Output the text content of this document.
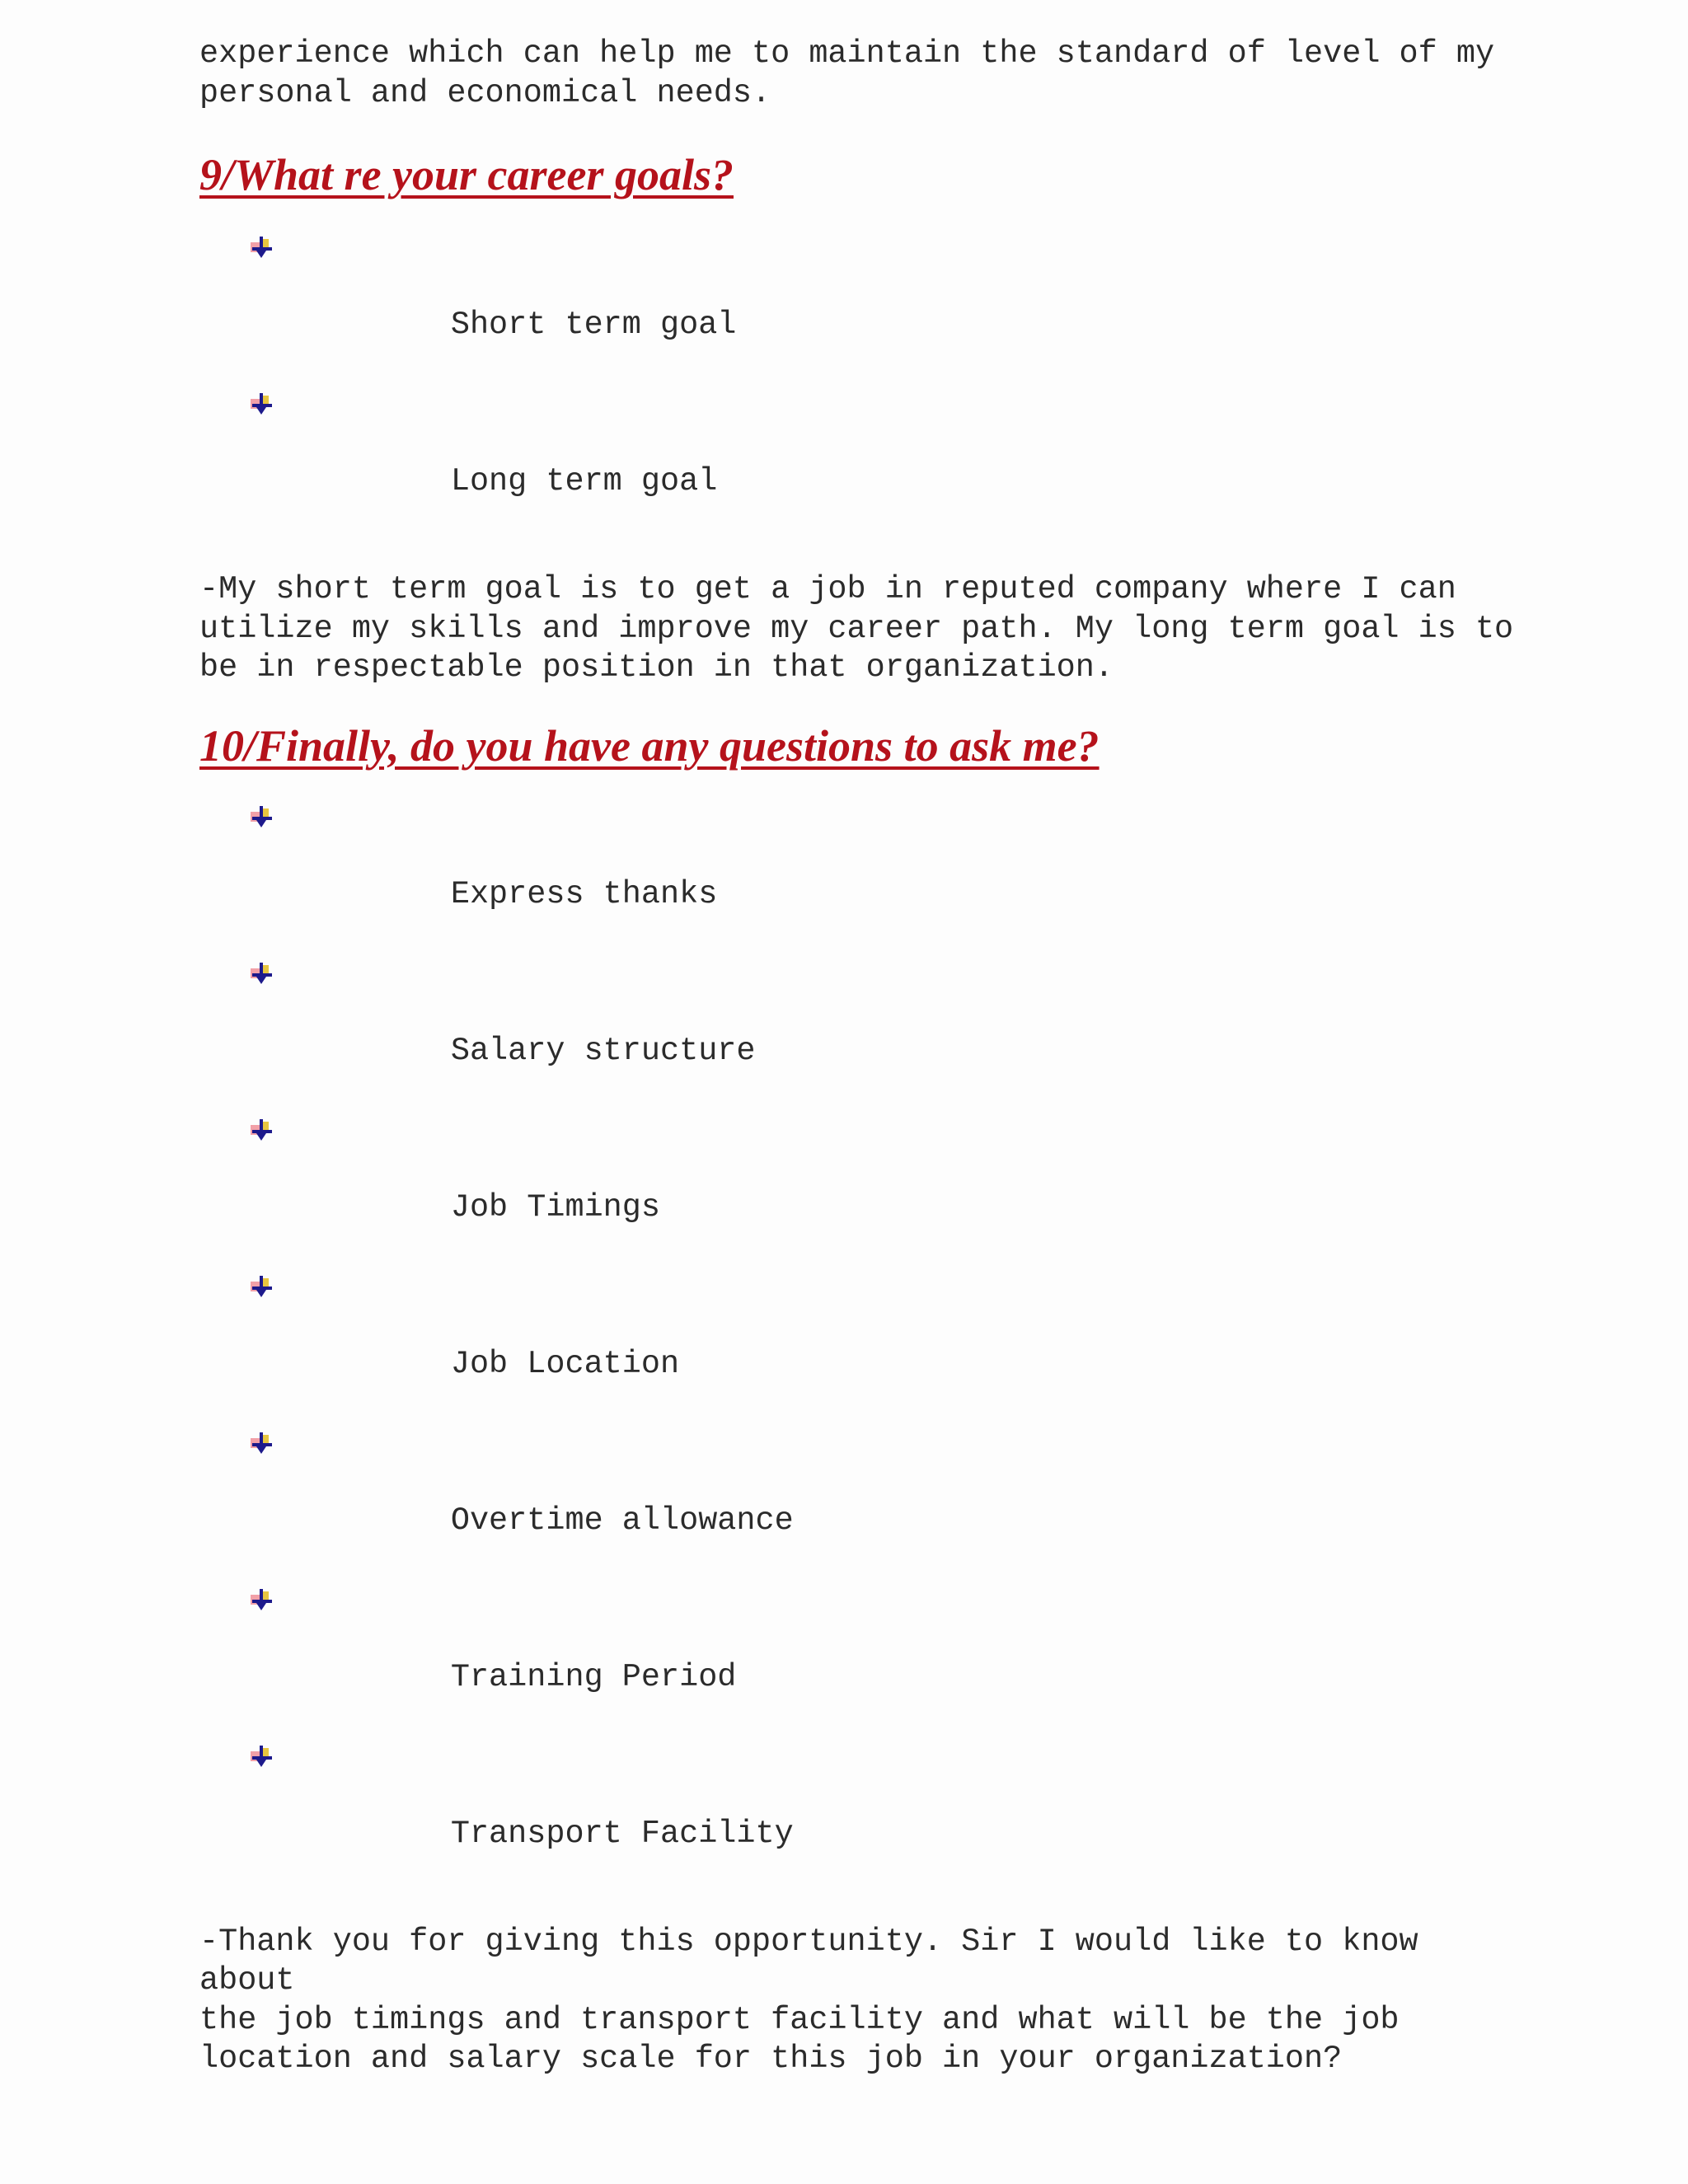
experience which can help me to maintain the standard of level of my
personal and economical needs.

9/What re your career goals?

Short term goal

Long term goal

-My short term goal is to get a job in reputed company where I can
utilize my skills and improve my career path. My long term goal is to
be in respectable position in that organization.

10/Finally, do you have any questions to ask me?

Express thanks

Salary structure

Job Timings

Job Location

Overtime allowance

Training Period

Transport Facility

-Thank you for giving this opportunity. Sir I would like to know about
the job timings and transport facility and what will be the job
location and salary scale for this job in your organization?
